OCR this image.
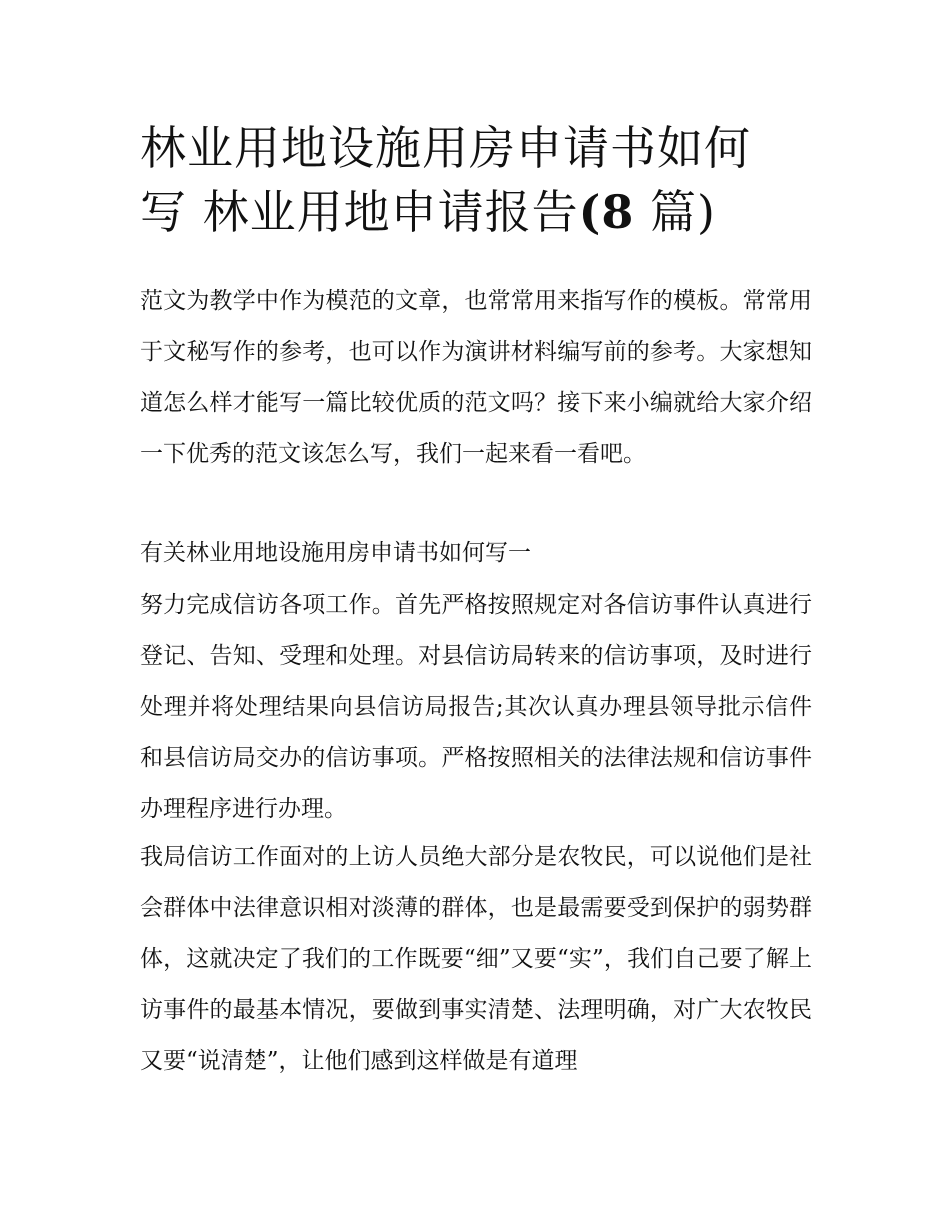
林业用地设施用房申请书如何
写 林业用地申请报告(8 篇)

范文为教学中作为模范的文章，也常常用来指写作的模板。常常用于文秘写作的参考，也可以作为演讲材料编写前的参考。大家想知道怎么样才能写一篇比较优质的范文吗？接下来小编就给大家介绍一下优秀的范文该怎么写，我们一起来看一看吧。

有关林业用地设施用房申请书如何写一

努力完成信访各项工作。首先严格按照规定对各信访事件认真进行登记、告知、受理和处理。对县信访局转来的信访事项，及时进行处理并将处理结果向县信访局报告;其次认真办理县领导批示信件和县信访局交办的信访事项。严格按照相关的法律法规和信访事件办理程序进行办理。

我局信访工作面对的上访人员绝大部分是农牧民，可以说他们是社会群体中法律意识相对淡薄的群体，也是最需要受到保护的弱势群体，这就决定了我们的工作既要“细”又要“实”，我们自己要了解上访事件的最基本情况，要做到事实清楚、法理明确，对广大农牧民又要“说清楚”，让他们感到这样做是有道理
